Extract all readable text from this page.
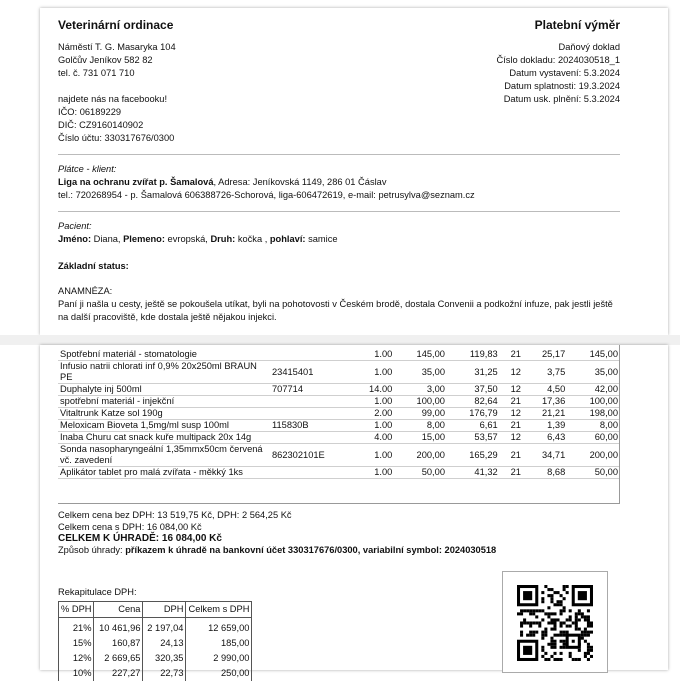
Veterinární ordinace	Platební výměr
Náměstí T. G. Masaryka 104
Golčův Jeníkov 582 82
tel. č. 731 071 710
najdete nás na facebooku!
IČO: 06189229
DIČ: CZ9160140902
Číslo účtu: 330317676/0300
Daňový doklad
Číslo dokladu: 2024030518_1
Datum vystavení: 5.3.2024
Datum splatnosti: 19.3.2024
Datum usk. plnění: 5.3.2024
Plátce - klient:
Liga na ochranu zvířat p. Šamalová, Adresa: Jeníkovská 1149, 286 01 Čáslav
tel.: 720268954 - p. Šamalová 606388726-Schorová, liga-606472619, e-mail: petrusylva@seznam.cz
Pacient:
Jméno: Diana, Plemeno: evropská, Druh: kočka , pohlaví: samice
Základní status:
ANAMNÉZA:
Paní ji našla u cesty, ještě se pokoušela utíkat, byli na pohotovosti v Českém brodě, dostala Convenii a podkožní infuze, pak jestli ještě na další pracoviště, kde dostala ještě nějakou injekci.
Spotřební materiál - stomatologie		1.00	145,00	119,83	21	25,17	145,00
Infusio natrii chlorati inf 0,9% 20x250ml BRAUN PE	23415401	1.00	35,00	31,25	12	3,75	35,00
Duphalyte inj 500ml	707714	14.00	3,00	37,50	12	4,50	42,00
spotřební materiál - injekční		1.00	100,00	82,64	21	17,36	100,00
Vitaltrunk Katze sol 190g		2.00	99,00	176,79	12	21,21	198,00
Meloxicam Bioveta 1,5mg/ml susp 100ml	115830B	1.00	8,00	6,61	21	1,39	8,00
Inaba Churu cat snack kuře multipack 20x 14g		4.00	15,00	53,57	12	6,43	60,00
Sonda nasopharyngeální 1,35mmx50cm červená vč. zavedení	862302101E	1.00	200,00	165,29	21	34,71	200,00
Aplikátor tablet pro malá zvířata - měkký 1ks		1.00	50,00	41,32	21	8,68	50,00
Celkem cena bez DPH: 13 519,75 Kč, DPH: 2 564,25 Kč
Celkem cena s DPH: 16 084,00 Kč
CELKEM K ÚHRADĚ: 16 084,00 Kč
Způsob úhrady: příkazem k úhradě na bankovní účet 330317676/0300, variabilní symbol: 2024030518
Rekapitulace DPH:
% DPH	Cena	DPH	Celkem s DPH
21%	10 461,96	2 197,04	12 659,00
15%	160,87	24,13	185,00
12%	2 669,65	320,35	2 990,00
10%	227,27	22,73	250,00
